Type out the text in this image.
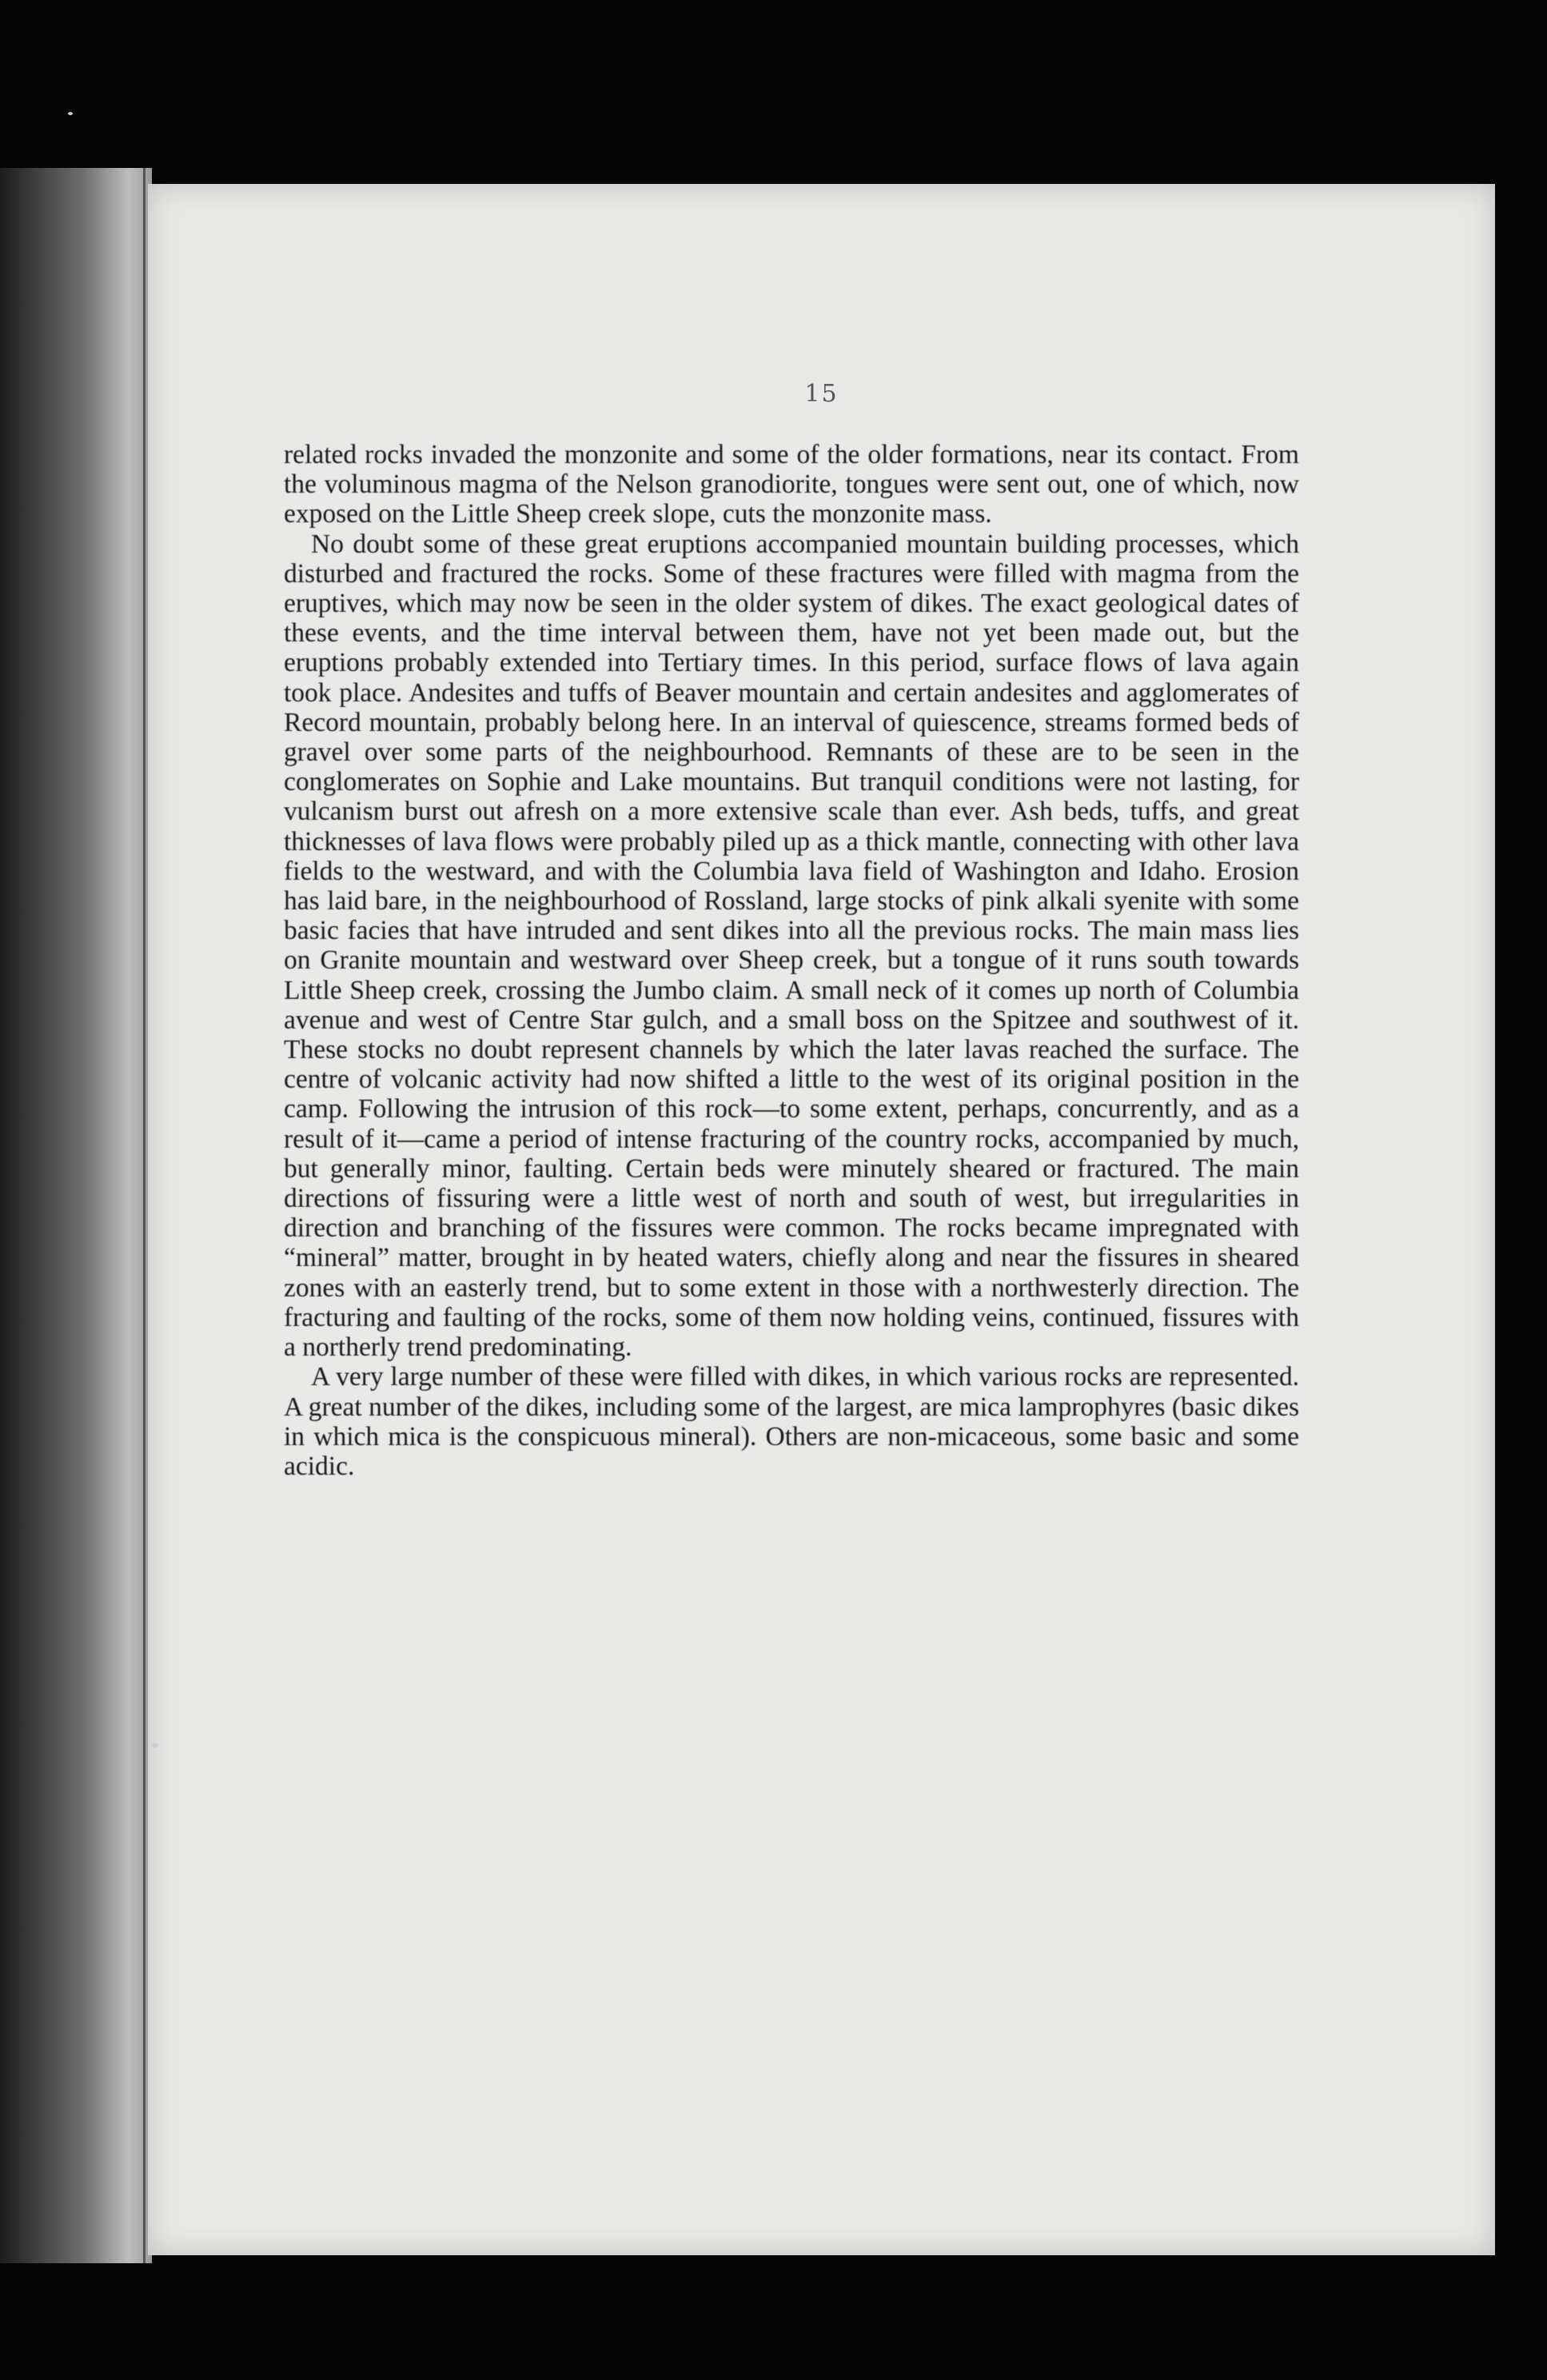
15

related rocks invaded the monzonite and some of the older formations, near its contact. From the voluminous magma of the Nelson granodiorite, tongues were sent out, one of which, now exposed on the Little Sheep creek slope, cuts the monzonite mass.

No doubt some of these great eruptions accompanied mountain building processes, which disturbed and fractured the rocks. Some of these fractures were filled with magma from the eruptives, which may now be seen in the older system of dikes. The exact geological dates of these events, and the time interval between them, have not yet been made out, but the eruptions probably extended into Tertiary times. In this period, surface flows of lava again took place. Andesites and tuffs of Beaver mountain and certain andesites and agglomerates of Record mountain, probably belong here. In an interval of quiescence, streams formed beds of gravel over some parts of the neighbourhood. Remnants of these are to be seen in the conglomerates on Sophie and Lake mountains. But tranquil conditions were not lasting, for vulcanism burst out afresh on a more extensive scale than ever. Ash beds, tuffs, and great thicknesses of lava flows were probably piled up as a thick mantle, connecting with other lava fields to the westward, and with the Columbia lava field of Washington and Idaho. Erosion has laid bare, in the neighbourhood of Rossland, large stocks of pink alkali syenite with some basic facies that have intruded and sent dikes into all the previous rocks. The main mass lies on Granite mountain and westward over Sheep creek, but a tongue of it runs south towards Little Sheep creek, crossing the Jumbo claim. A small neck of it comes up north of Columbia avenue and west of Centre Star gulch, and a small boss on the Spitzee and southwest of it. These stocks no doubt represent channels by which the later lavas reached the surface. The centre of volcanic activity had now shifted a little to the west of its original position in the camp. Following the intrusion of this rock—to some extent, perhaps, concurrently, and as a result of it—came a period of intense fracturing of the country rocks, accompanied by much, but generally minor, faulting. Certain beds were minutely sheared or fractured. The main directions of fissuring were a little west of north and south of west, but irregularities in direction and branching of the fissures were common. The rocks became impregnated with “mineral” matter, brought in by heated waters, chiefly along and near the fissures in sheared zones with an easterly trend, but to some extent in those with a northwesterly direction. The fracturing and faulting of the rocks, some of them now holding veins, continued, fissures with a northerly trend predominating.

A very large number of these were filled with dikes, in which various rocks are represented. A great number of the dikes, including some of the largest, are mica lamprophyres (basic dikes in which mica is the conspicuous mineral). Others are non-micaceous, some basic and some acidic.
